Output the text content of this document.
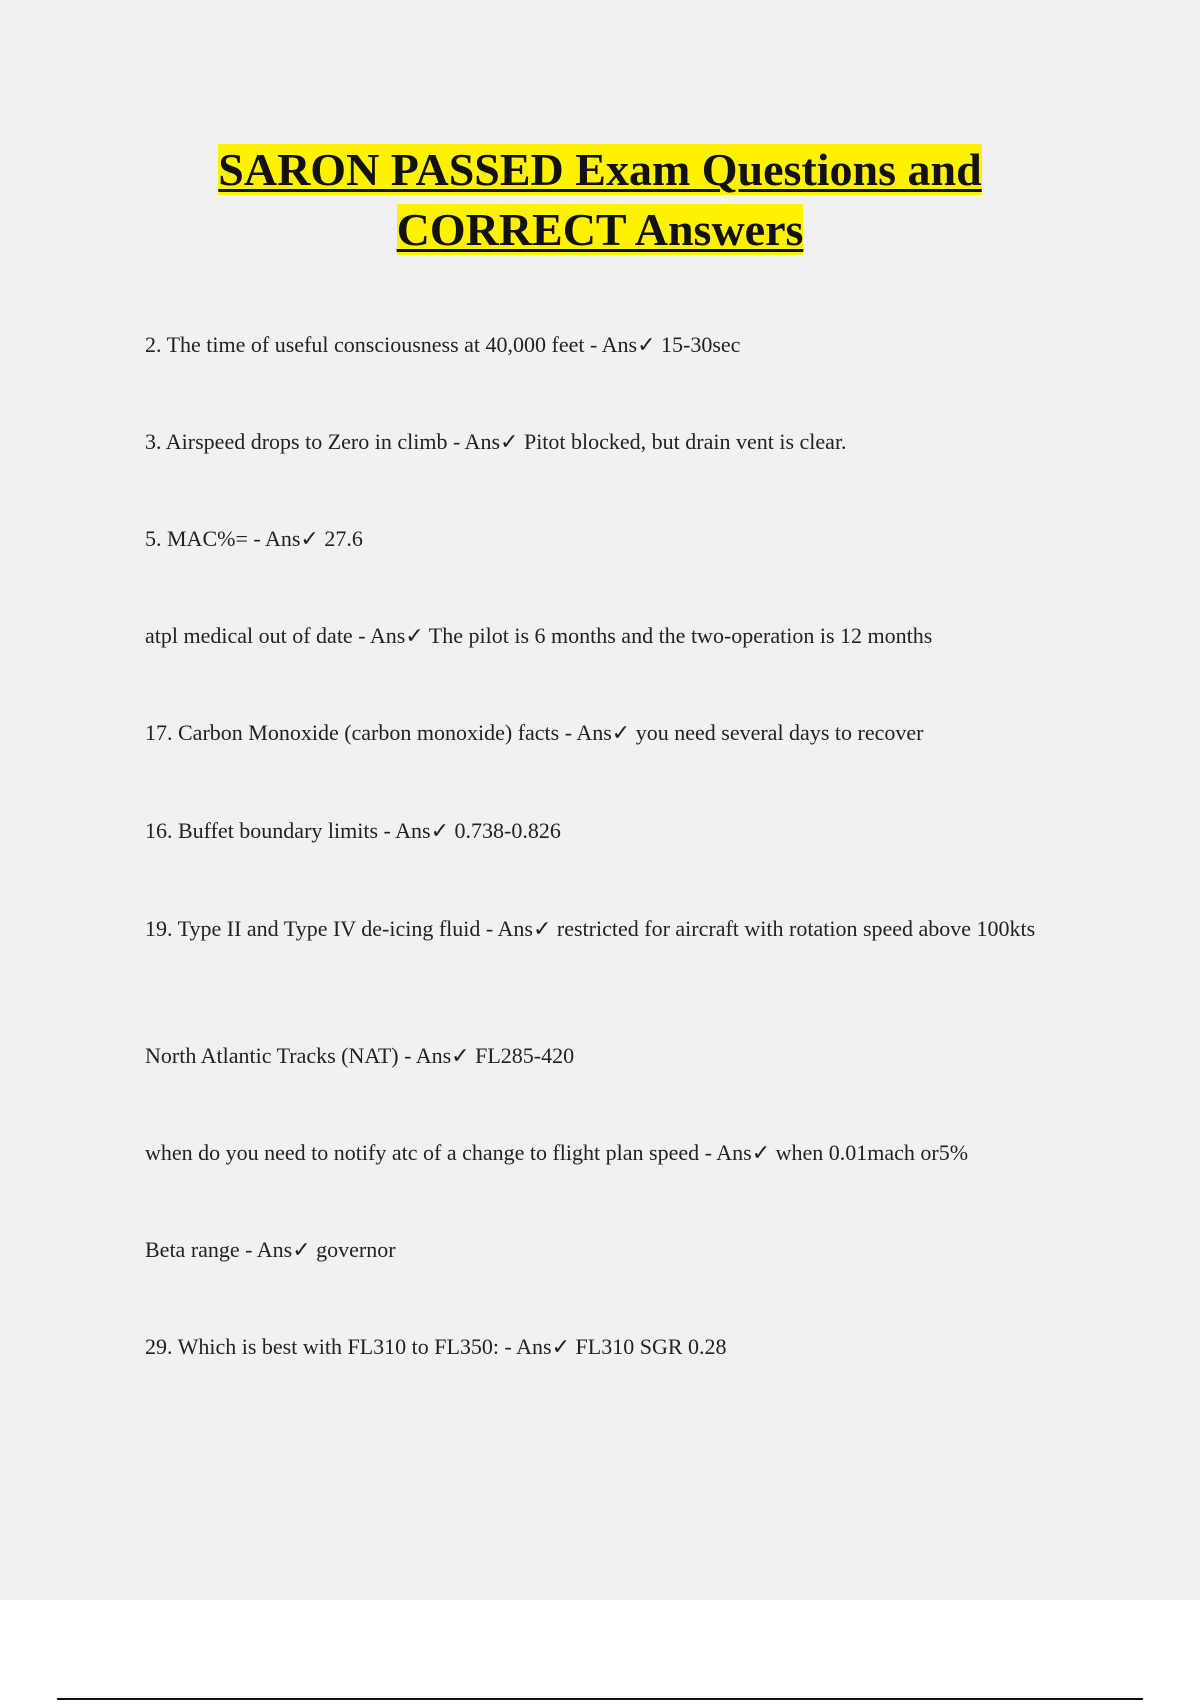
SARON PASSED Exam Questions and
CORRECT Answers
2. The time of useful consciousness at 40,000 feet - Ans✓ 15-30sec
3. Airspeed drops to Zero in climb - Ans✓ Pitot blocked, but drain vent is clear.
5. MAC%= - Ans✓ 27.6
atpl medical out of date - Ans✓ The pilot is 6 months and the two-operation is 12 months
17. Carbon Monoxide (carbon monoxide) facts - Ans✓ you need several days to recover
16. Buffet boundary limits - Ans✓ 0.738-0.826
19. Type II and Type IV de-icing fluid - Ans✓ restricted for aircraft with rotation speed above 100kts
North Atlantic Tracks (NAT) - Ans✓ FL285-420
when do you need to notify atc of a change to flight plan speed - Ans✓ when 0.01mach or5%
Beta range - Ans✓ governor
29. Which is best with FL310 to FL350: - Ans✓ FL310 SGR 0.28
